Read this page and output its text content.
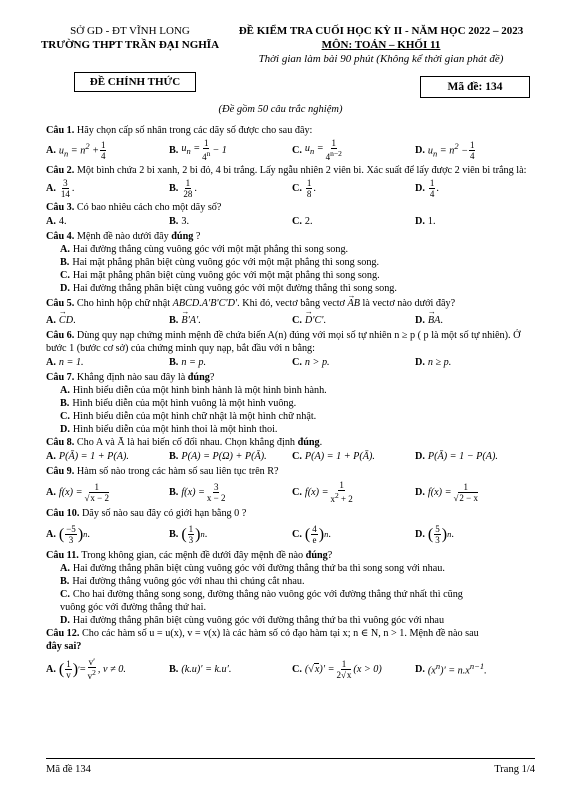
SỞ GD - ĐT VĨNH LONG
TRƯỜNG THPT TRẦN ĐẠI NGHĨA
ĐỀ KIỂM TRA CUỐI HỌC KỲ II - NĂM HỌC 2022 – 2023
MÔN: TOÁN – KHỐI 11
Thời gian làm bài 90 phút (Không kể thời gian phát đề)
ĐỀ CHÍNH THỨC	Mã đề: 134
(Đề gồm 50 câu trắc nghiệm)

Câu 1. Hãy chọn cấp số nhân trong các dãy số được cho sau đây:

A. $u_n = n^2 + \frac{1}{4}$	B. $u_n = \frac{1}{4^n} - 1$	C. $u_n = \frac{1}{4^{n-2}}$	D. $u_n = n^2 - \frac{1}{4}$

Câu 2. Một bình chứa 2 bi xanh, 2 bi đỏ, 4 bi trắng. Lấy ngẫu nhiên 2 viên bi. Xác suất để lấy được 2 viên bi trắng là:

A. $\frac{3}{14}$ .	B. $\frac{1}{28}$ .	C. $\frac{1}{8}$ .	D. $\frac{1}{4}$ .

Câu 3. Có bao nhiêu cách cho một dãy số?

A. 4.	B. 3.	C. 2.	D. 1.

Câu 4. Mệnh đề nào dưới đây đúng ?

A. Hai đường thẳng cùng vuông góc với một mặt phẳng thì song song.
B. Hai mặt phẳng phân biệt cùng vuông góc với một mặt phẳng thì song song.
C. Hai mặt phẳng phân biệt cùng vuông góc với một mặt phẳng thì song song.
D. Hai đường thẳng phân biệt cùng vuông góc với một đường thẳng thì song song.

Câu 5. Cho hình hộp chữ nhật ABCD.A'B'C'D'. Khi đó, vectơ bằng vectơ → AB là vectơ nào dưới đây?

A. → CD .	B. → B'A' .	C. → D'C' .	D. → BA .

Câu 6. Dùng quy nạp chứng minh mệnh đề chứa biến A(n) đúng với mọi số tự nhiên n ≥ p ( p là một số tự nhiên). Ở bước 1 (bước cơ sở) của chứng minh quy nạp, bắt đầu với n bằng:

A. n = 1.	B. n = p.	C. n > p.	D. n ≥ p.

Câu 7. Khẳng định nào sau đây là đúng?

A. Hình biểu diễn của một hình bình hành là một hình bình hành.
B. Hình biểu diễn của một hình vuông là một hình vuông.
C. Hình biểu diễn của một hình chữ nhật là một hình chữ nhật.
D. Hình biểu diễn của một hình thoi là một hình thoi.

Câu 8. Cho A và Ā là hai biến cố đối nhau. Chọn khẳng định đúng.

A. P(Ā) = 1 + P(A).	B. P(A) = P(Ω) + P(Ā). C. P(A) = 1 + P(Ā).	D. P(Ā) = 1 − P(A).

Câu 9. Hàm số nào trong các hàm số sau liên tục trên R?

A. $f(x) = \frac{1}{√x - 2}$	B. $f(x) = \frac{3}{x - 2}$	C. $f(x) = \frac{1}{x^2 + 2}$	D. $f(x) = \frac{1}{√2 - x}$

Câu 10. Dãy số nào sau đây có giới hạn bằng 0 ?

A. ( $\frac{-5}{3}$ ) n .	B. ( $\frac{1}{3}$ ) n .	C. ( $\frac{4}{e}$ ) n .	D. ( $\frac{5}{3}$ ) n .

Câu 11. Trong không gian, các mệnh đề dưới đây mệnh đề nào đúng?

A. Hai đường thẳng phân biệt cùng vuông góc với đường thẳng thứ ba thì song song với nhau.
B. Hai đường thẳng vuông góc với nhau thì chúng cắt nhau.
C. Cho hai đường thẳng song song, đường thẳng nào vuông góc với đường thẳng thứ nhất thì cũng
vuông góc với đường thẳng thứ hai.
D. Hai đường thẳng phân biệt cùng vuông góc với đường thẳng thứ ba thì vuông góc với nhau

Câu 12. Cho các hàm số u = u(x), v = v(x) là các hàm số có đạo hàm tại x; n ∈ N, n > 1. Mệnh đề nào sau

đây sai?

A. ( $\frac{1}{v}$ ) ′ = $\frac{v'}{v^2}$ , v ≠ 0.	B. (k.u)′ = k.u′.	C. $(√x)' = \frac{1}{2√x} (x > 0)$	D. $(x^n)' = n.x^{n-1}$.
Mã đề 134	Trang 1/4
